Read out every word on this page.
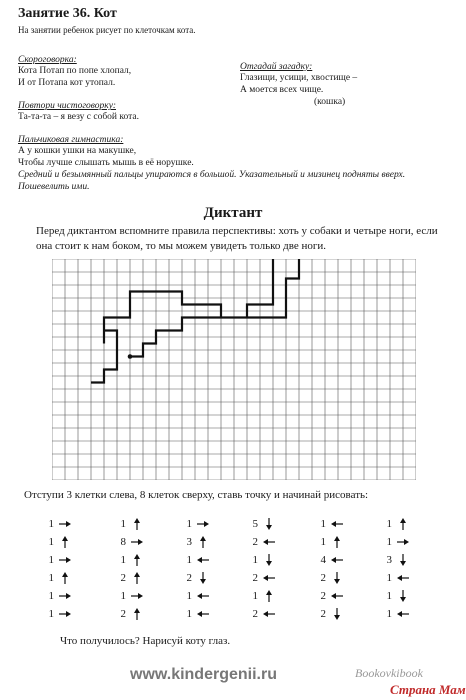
Занятие 36. Кот
На занятии ребенок рисует по клеточкам кота.
Скороговорка:
Кота Потап по попе хлопал,
И от Потапа кот утопал.
Повтори чистоговорку:
Та-та-та – я везу с собой кота.
Пальчиковая гимнастика:
А у кошки ушки на макушке,
Чтобы лучше слышать мышь в её норушке.
Средний и безымянный пальцы упираются в большой. Указательный и мизинец подняты вверх. Пошевелить ими.
Отгадай загадку:
Глазищи, усищи, хвостище –
А моется всех чище.
(кошка)
Диктант
Перед диктантом вспомните правила перспективы: хоть у собаки и четыре ноги, если она стоит к нам боком, то мы можем увидеть только две ноги.
Отступи 3 клетки слева, 8 клеток сверху, ставь точку и начинай рисовать:
1
1
1
1
1
1
1
8
1
2
1
2
1
3
1
2
1
1
5
2
1
2
1
2
1
1
4
2
2
2
1
1
3
1
1
1
Что получилось? Нарисуй коту глаз.
www.kindergenii.ru	Bookovkibook
Страна Мам
